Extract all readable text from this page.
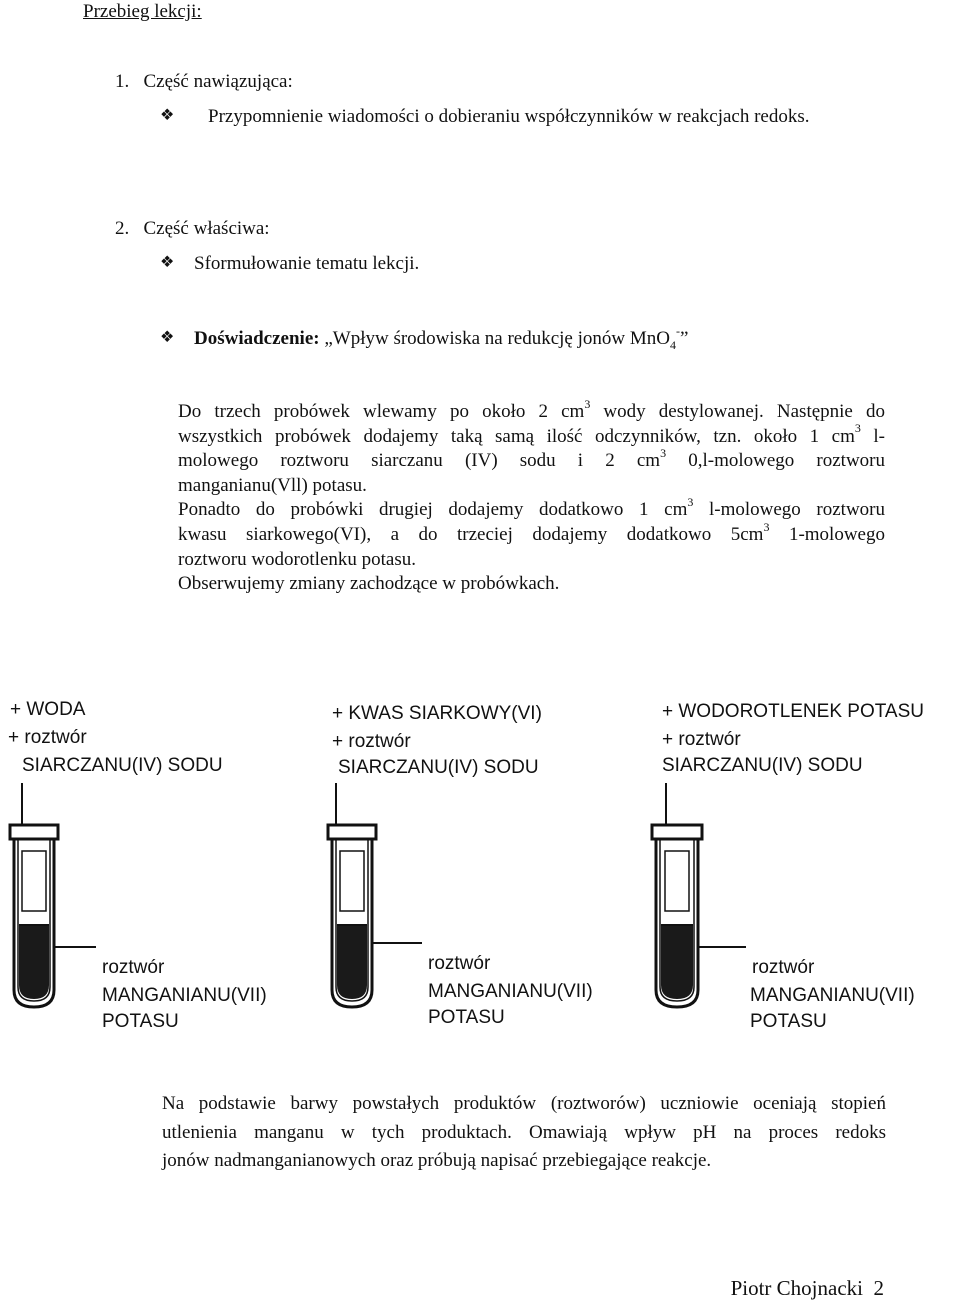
Przebieg lekcji:
1. Część nawiązująca:
❖ Przypomnienie wiadomości o dobieraniu współczynników w reakcjach redoks.
2. Część właściwa:
❖ Sformułowanie tematu lekcji.
❖ Doświadczenie: „Wpływ środowiska na redukcję jonów MnO$_4$-”
Do trzech probówek wlewamy po około 2 $cm^3$ wody destylowanej. Następnie do
wszystkich probówek dodajemy taką samą ilość odczynników, tzn. około 1 $cm^3$ l-
molowego roztworu siarczanu (IV) sodu i 2 $cm^3$ 0,l-molowego roztworu
manganianu(Vll) potasu.
Ponadto do probówki drugiej dodajemy dodatkowo 1 $cm^3$ l-molowego roztworu
kwasu siarkowego(VI), a do trzeciej dodajemy dodatkowo $5cm^3$ 1-molowego
roztworu wodorotlenku potasu.
Obserwujemy zmiany zachodzące w probówkach.
+ WODA
+ roztwór
SIARCZANU(IV) SODU
roztwór
MANGANIANU(VII)
POTASU
+ KWAS SIARKOWY(VI)
+ roztwór
SIARCZANU(IV) SODU
roztwór
MANGANIANU(VII)
POTASU
+ WODOROTLENEK POTASU
+ roztwór
SIARCZANU(IV) SODU
roztwór
MANGANIANU(VII)
POTASU
Na podstawie barwy powstałych produktów (roztworów) uczniowie oceniają stopień
utlenienia manganu w tych produktach. Omawiają wpływ pH na proces redoks
jonów nadmanganianowych oraz próbują napisać przebiegające reakcje.
Piotr Chojnacki 2
